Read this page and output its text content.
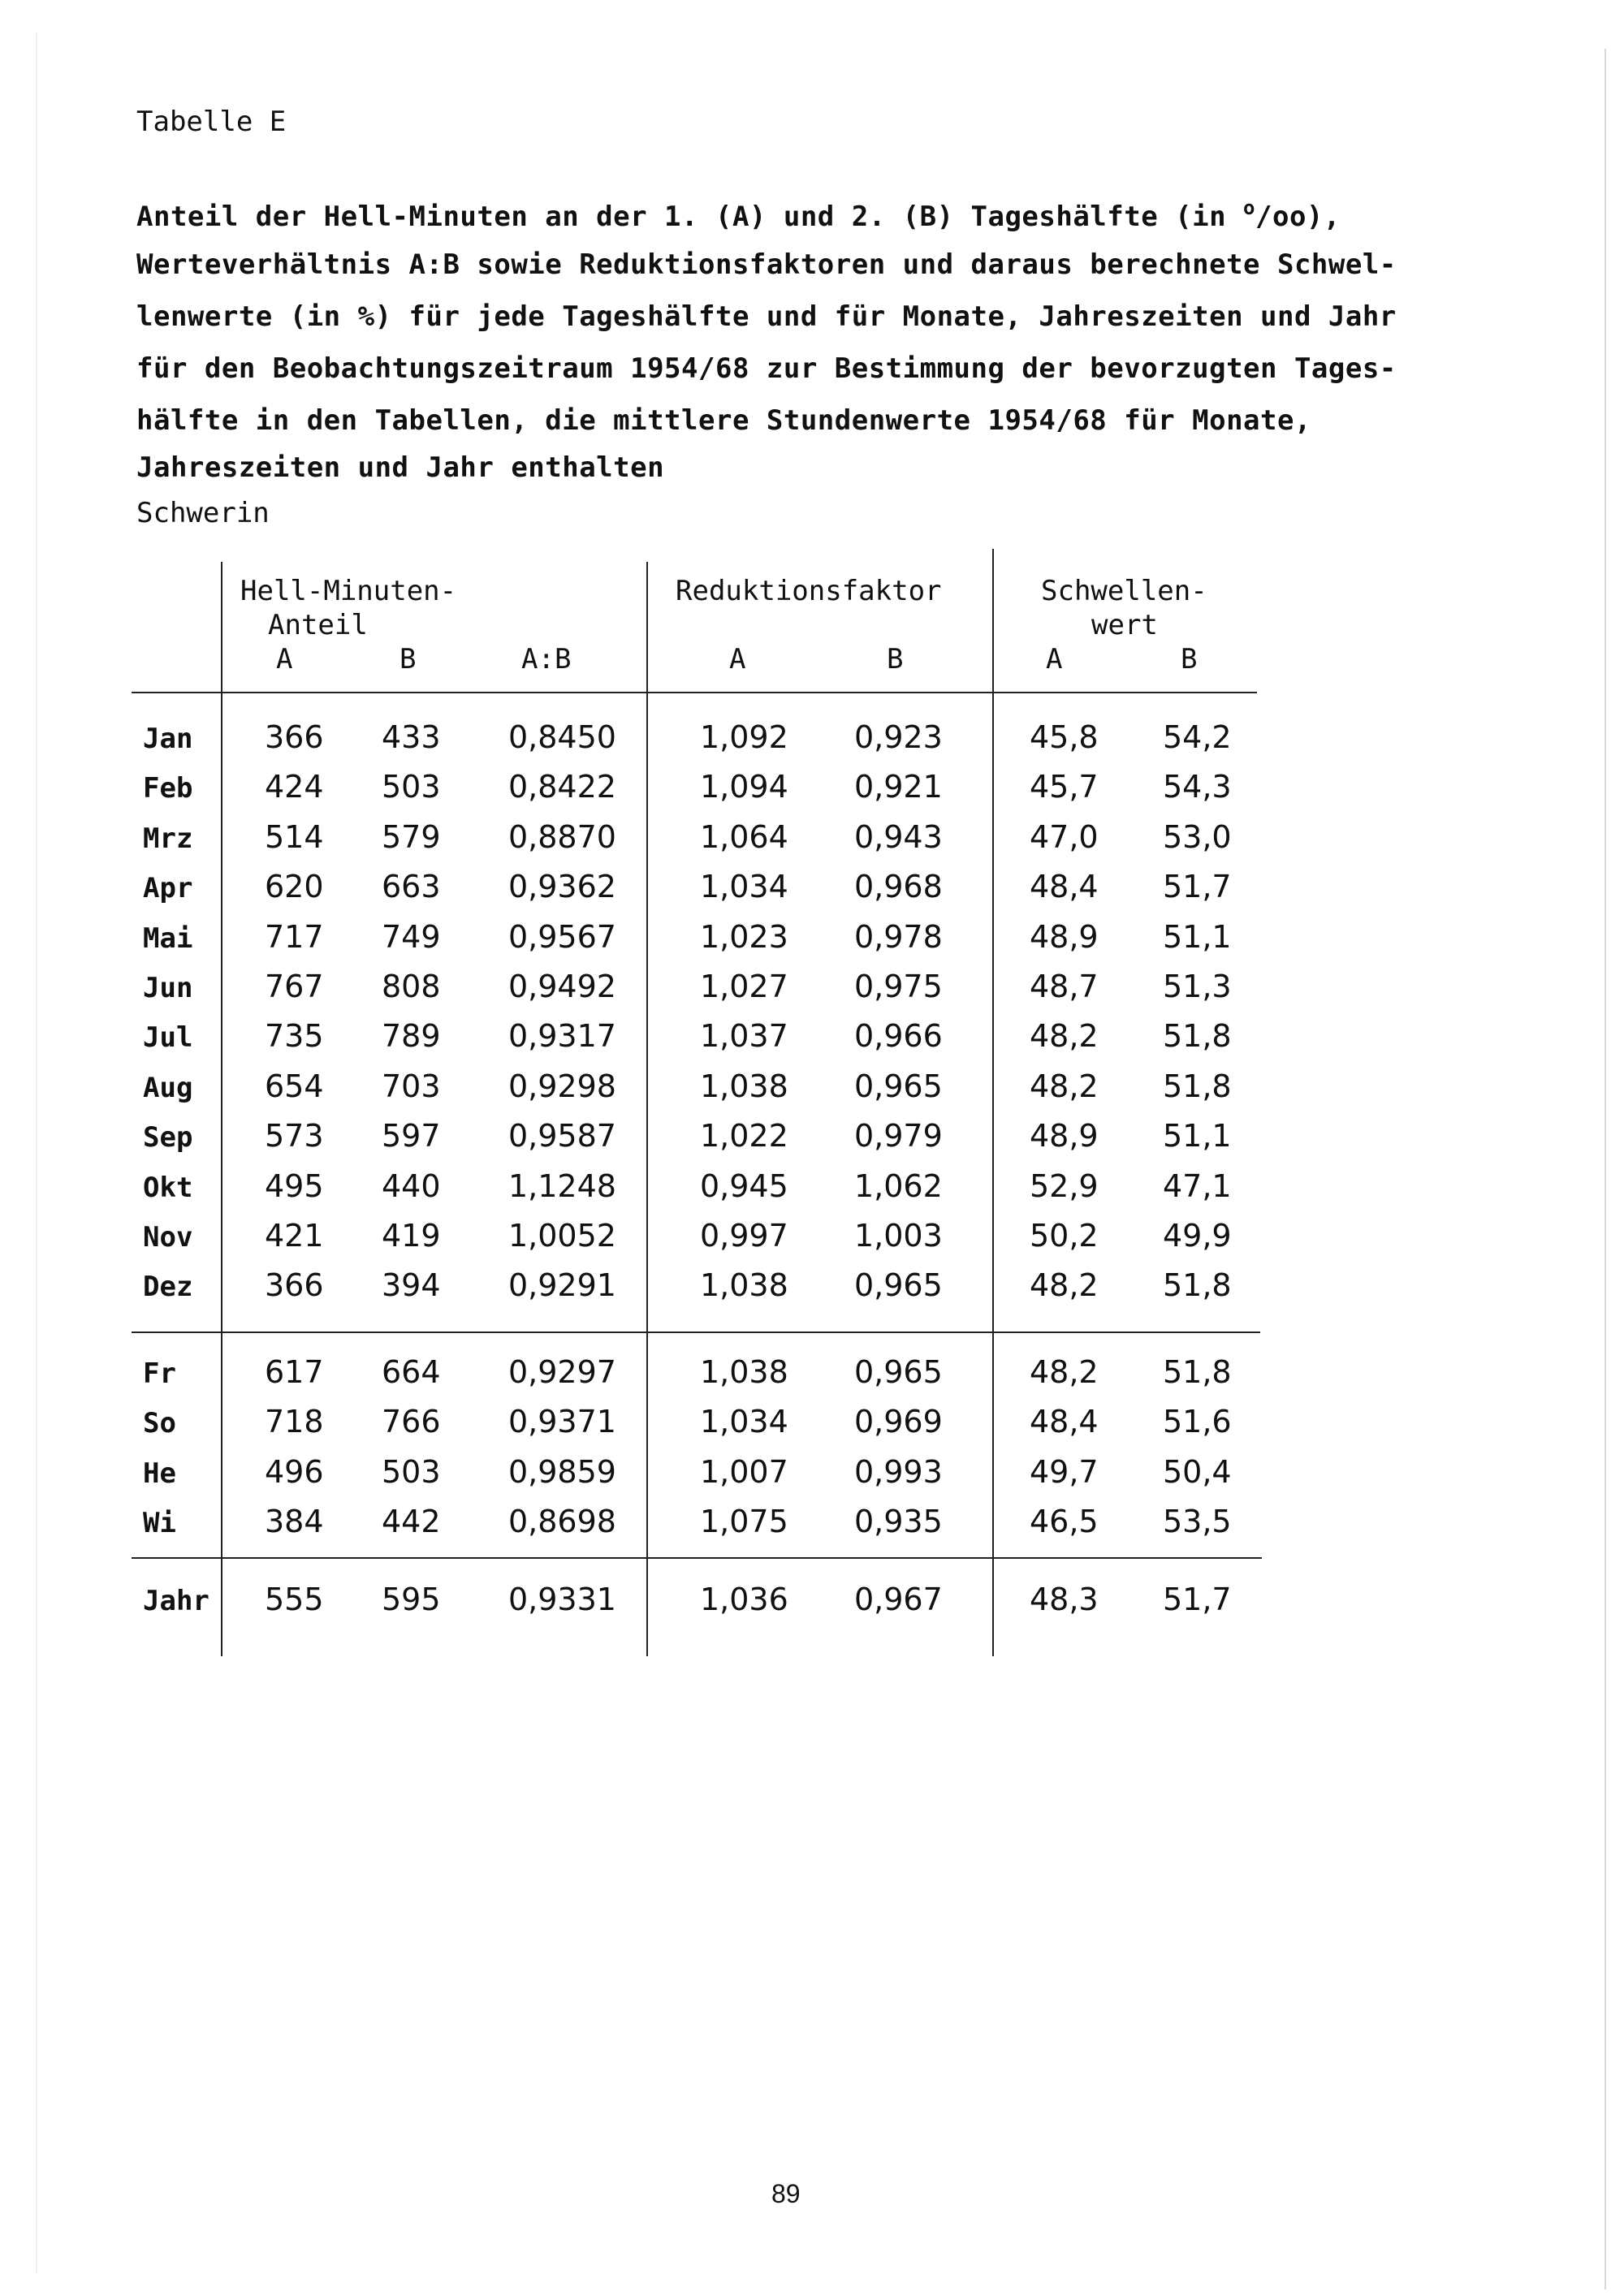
Tabelle E
Anteil der Hell-Minuten an der 1. (A) und 2. (B) Tageshälfte (in $^o$/oo),
Werteverhältnis A:B sowie Reduktionsfaktoren und daraus berechnete Schwel-
lenwerte (in %) für jede Tageshälfte und für Monate, Jahreszeiten und Jahr
für den Beobachtungszeitraum 1954/68 zur Bestimmung der bevorzugten Tages-
hälfte in den Tabellen, die mittlere Stundenwerte 1954/68 für Monate,
Jahreszeiten und Jahr enthalten
Schwerin
Hell-Minuten-
Anteil
A	B	A:B
Reduktionsfaktor
A	B
Schwellen-
wert
A	B
Jan 366 433 0,8450	1,092 0,923	45,8 54,2
Feb 424 503 0,8422	1,094 0,921	45,7 54,3
Mrz 514 579 0,8870	1,064 0,943	47,0 53,0
Apr 620 663 0,9362	1,034 0,968	48,4 51,7
Mai 717 749 0,9567	1,023 0,978	48,9 51,1
Jun 767 808 0,9492	1,027 0,975	48,7 51,3
Jul 735 789 0,9317	1,037 0,966	48,2 51,8
Aug 654 703 0,9298	1,038 0,965	48,2 51,8
Sep 573 597 0,9587	1,022 0,979	48,9 51,1
Okt 495 440 1,1248	0,945 1,062	52,9 47,1
Nov 421 419 1,0052	0,997 1,003	50,2 49,9
Dez 366 394 0,9291	1,038 0,965	48,2 51,8
Fr	617 664 0,9297	1,038 0,965	48,2 51,8
So	718 766 0,9371	1,034 0,969	48,4 51,6
He	496 503 0,9859	1,007 0,993	49,7 50,4
Wi	384 442 0,8698	1,075 0,935	46,5 53,5
Jahr 555 595 0,9331	1,036 0,967	48,3 51,7
89
